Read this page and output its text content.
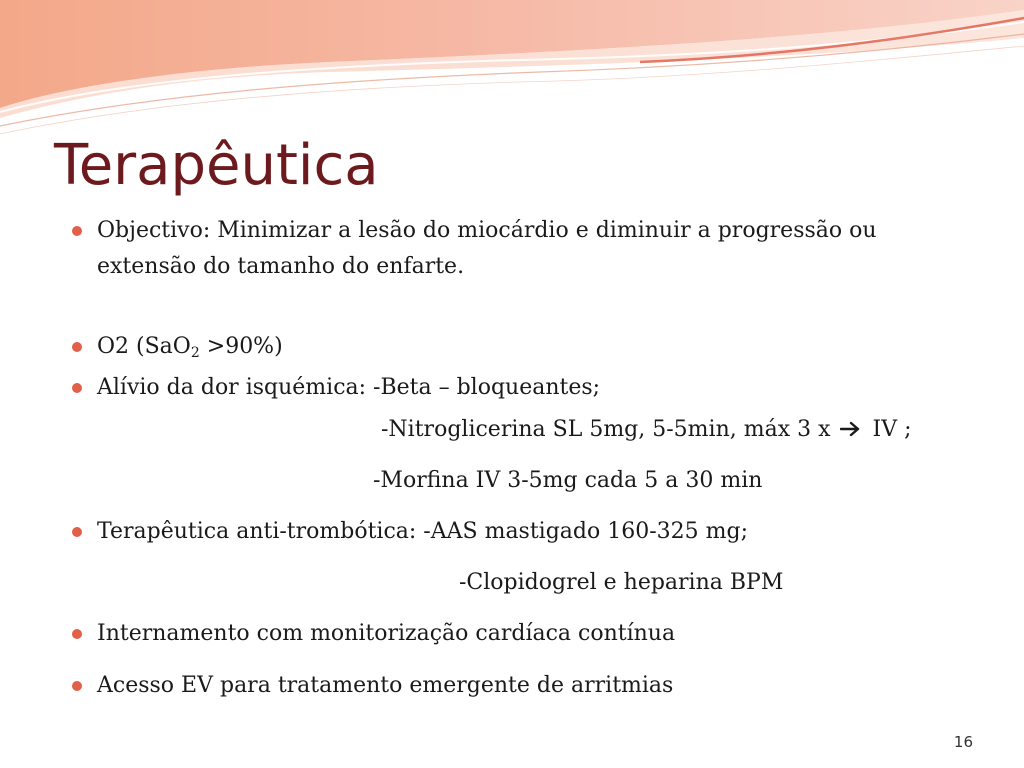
Terapêutica
Objectivo: Minimizar a lesão do miocárdio e diminuir a progressão ou
extensão do tamanho do enfarte.
O2 (SaO$_2$ >90%)
Alívio da dor isquémica: -Beta – bloqueantes;
-Nitroglicerina SL 5mg, 5-5min, máx 3 x IV ;
-Morfina IV 3-5mg cada 5 a 30 min
Terapêutica anti-trombótica: -AAS mastigado 160-325 mg;
-Clopidogrel e heparina BPM
Internamento com monitorização cardíaca contínua
Acesso EV para tratamento emergente de arritmias
16
